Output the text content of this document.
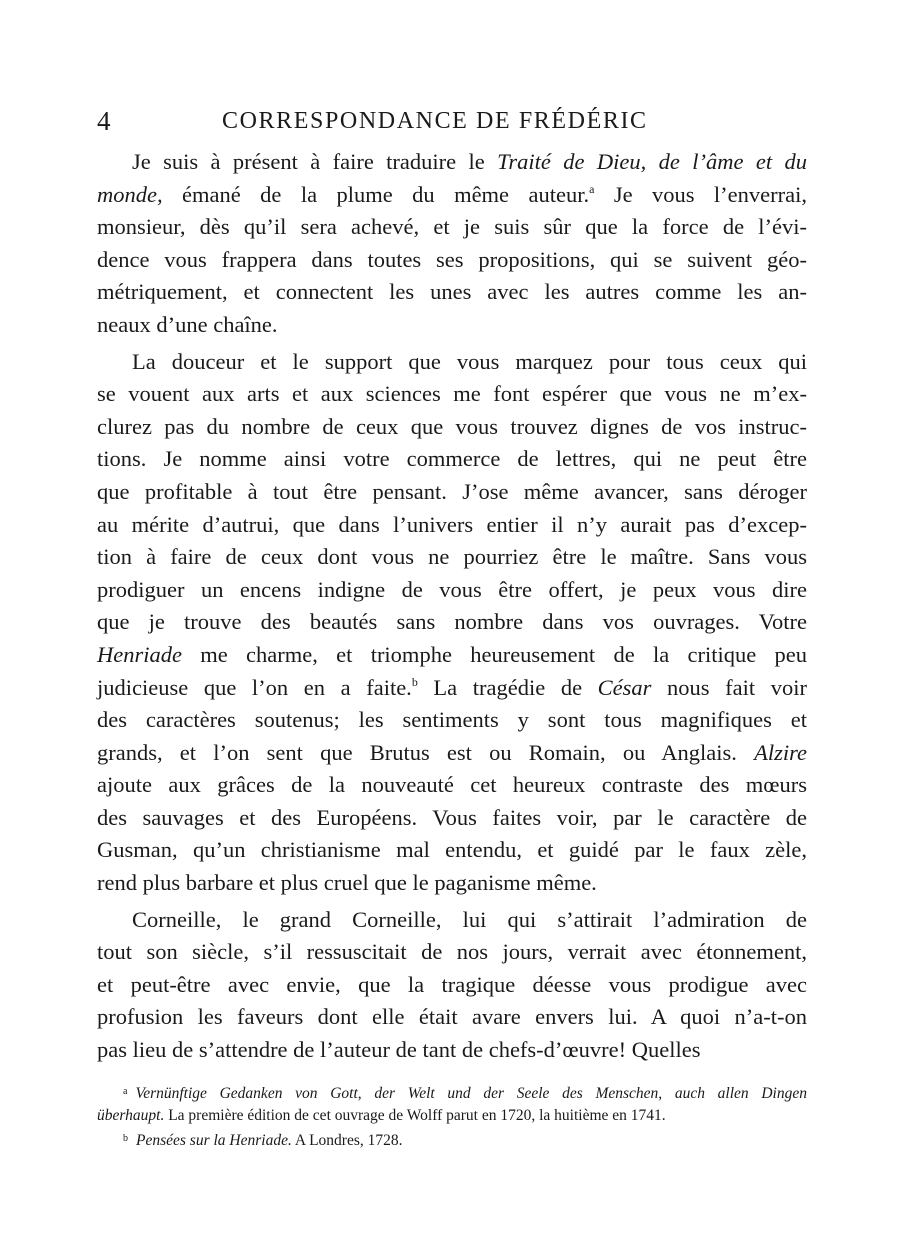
4	CORRESPONDANCE DE FRÉDÉRIC
Je suis à présent à faire traduire le Traité de Dieu, de l’âme et du
monde, émané de la plume du même auteur.$^a$ Je vous l’enverrai,
monsieur, dès qu’il sera achevé, et je suis sûr que la force de l’évi-
dence vous frappera dans toutes ses propositions, qui se suivent géo-
métriquement, et connectent les unes avec les autres comme les an-
neaux d’une chaîne.
La douceur et le support que vous marquez pour tous ceux qui
se vouent aux arts et aux sciences me font espérer que vous ne m’ex-
clurez pas du nombre de ceux que vous trouvez dignes de vos instruc-
tions. Je nomme ainsi votre commerce de lettres, qui ne peut être
que profitable à tout être pensant. J’ose même avancer, sans déroger
au mérite d’autrui, que dans l’univers entier il n’y aurait pas d’excep-
tion à faire de ceux dont vous ne pourriez être le maître. Sans vous
prodiguer un encens indigne de vous être offert, je peux vous dire
que je trouve des beautés sans nombre dans vos ouvrages. Votre
Henriade me charme, et triomphe heureusement de la critique peu
judicieuse que l’on en a faite.$^b$ La tragédie de César nous fait voir
des caractères soutenus; les sentiments y sont tous magnifiques et
grands, et l’on sent que Brutus est ou Romain, ou Anglais. Alzire
ajoute aux grâces de la nouveauté cet heureux contraste des mœurs
des sauvages et des Européens. Vous faites voir, par le caractère de
Gusman, qu’un christianisme mal entendu, et guidé par le faux zèle,
rend plus barbare et plus cruel que le paganisme même.
Corneille, le grand Corneille, lui qui s’attirait l’admiration de
tout son siècle, s’il ressuscitait de nos jours, verrait avec étonnement,
et peut-être avec envie, que la tragique déesse vous prodigue avec
profusion les faveurs dont elle était avare envers lui. A quoi n’a-t-on
pas lieu de s’attendre de l’auteur de tant de chefs-d’œuvre! Quelles
$^a$ Vernünftige Gedanken von Gott, der Welt und der Seele des Menschen, auch allen Dingen
überhaupt. La première édition de cet ouvrage de Wolff parut en 1720, la huitième en 1741.
$^b$ Pensées sur la Henriade. A Londres, 1728.
